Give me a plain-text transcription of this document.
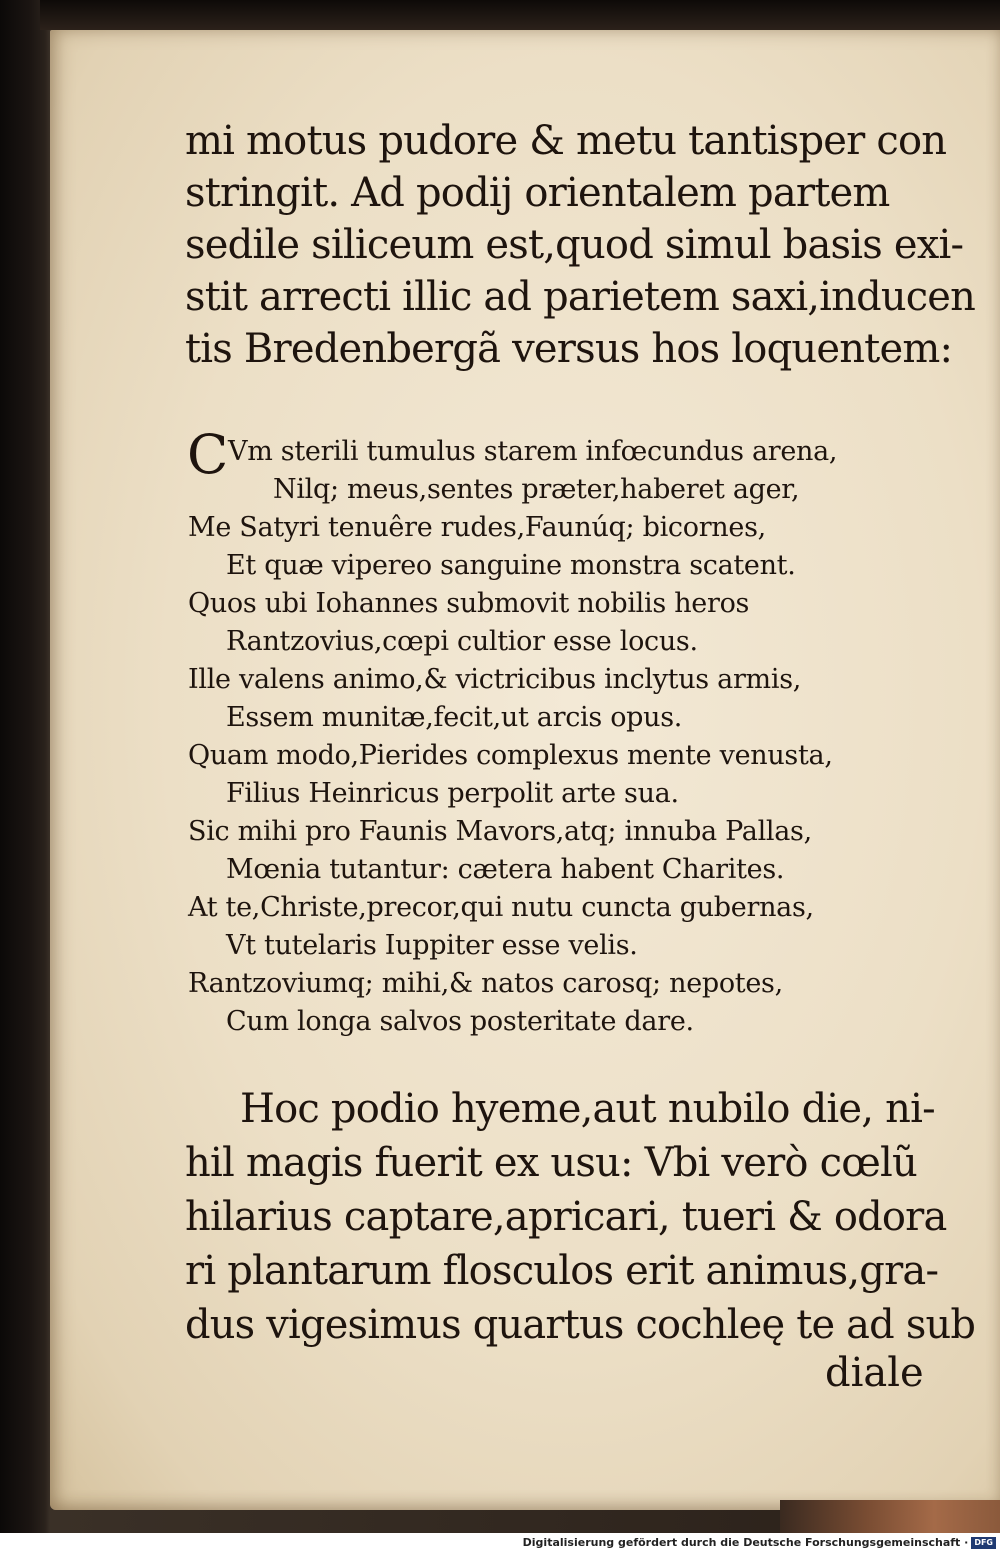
mi motus pudore & metu tantisper con

stringit. Ad podij orientalem partem

sedile siliceum est,quod simul basis exi-

stit arrecti illic ad parietem saxi,inducen

tis Bredenbergã versus hos loquentem:

C

Vm sterili tumulus starem infœcundus arena,

Nilq; meus,sentes præter,haberet ager,

Me Satyri tenuêre rudes,Faunúq; bicornes,

Et quæ vipereo sanguine monstra scatent.

Quos ubi Iohannes submovit nobilis heros

Rantzovius,cœpi cultior esse locus.

Ille valens animo,& victricibus inclytus armis,

Essem munitæ,fecit,ut arcis opus.

Quam modo,Pierides complexus mente venusta,

Filius Heinricus perpolit arte sua.

Sic mihi pro Faunis Mavors,atq; innuba Pallas,

Mœnia tutantur: cætera habent Charites.

At te,Christe,precor,qui nutu cuncta gubernas,

Vt tutelaris Iuppiter esse velis.

Rantzoviumq; mihi,& natos carosq; nepotes,

Cum longa salvos posteritate dare.

Hoc podio hyeme,aut nubilo die, ni-

hil magis fuerit ex usu: Vbi verò cœlũ

hilarius captare,apricari, tueri & odora

ri plantarum flosculos erit animus,gra-

dus vigesimus quartus cochleę te ad sub

diale
Digitalisierung gefördert durch die Deutsche Forschungsgemeinschaft · DFG
